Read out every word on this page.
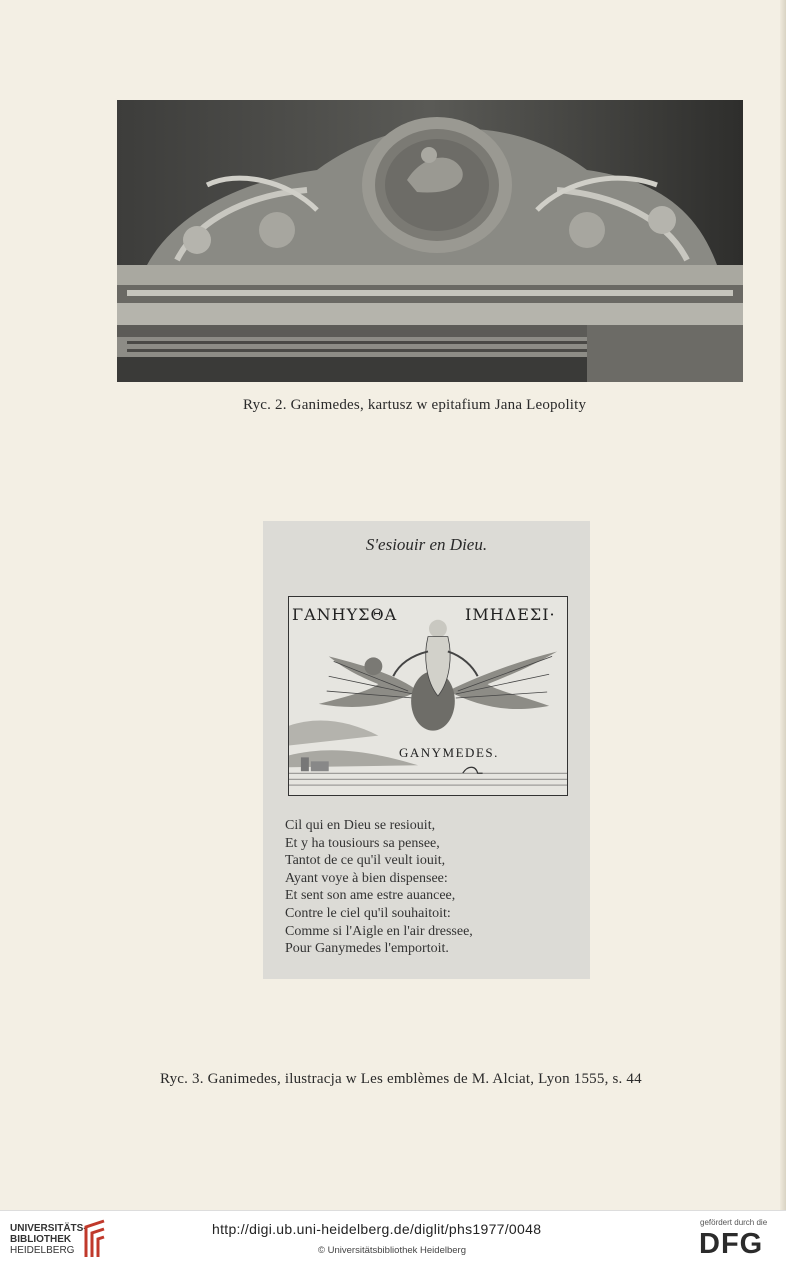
Ryc. 2. Ganimedes, kartusz w epitafium Jana Leopolity
S'esiouir en Dieu.
ΓΑΝΗΥΣΘΑ	ΙΜΗΔΕΣΙ·
GANYMEDES.
Cil qui en Dieu se resiouit,
Et y ha tousiours sa pensee,
Tantot de ce qu'il veult iouit,
Ayant voye à bien dispensee:
Et sent son ame estre auancee,
Contre le ciel qu'il souhaitoit:
Comme si l'Aigle en l'air dressee,
Pour Ganymedes l'emportoit.
Ryc. 3. Ganimedes, ilustracja w Les emblèmes de M. Alciat, Lyon 1555, s. 44
UNIVERSITÄTS-
BIBLIOTHEK
HEIDELBERG
http://digi.ub.uni-heidelberg.de/diglit/phs1977/0048
© Universitätsbibliothek Heidelberg
gefördert durch die
DFG
